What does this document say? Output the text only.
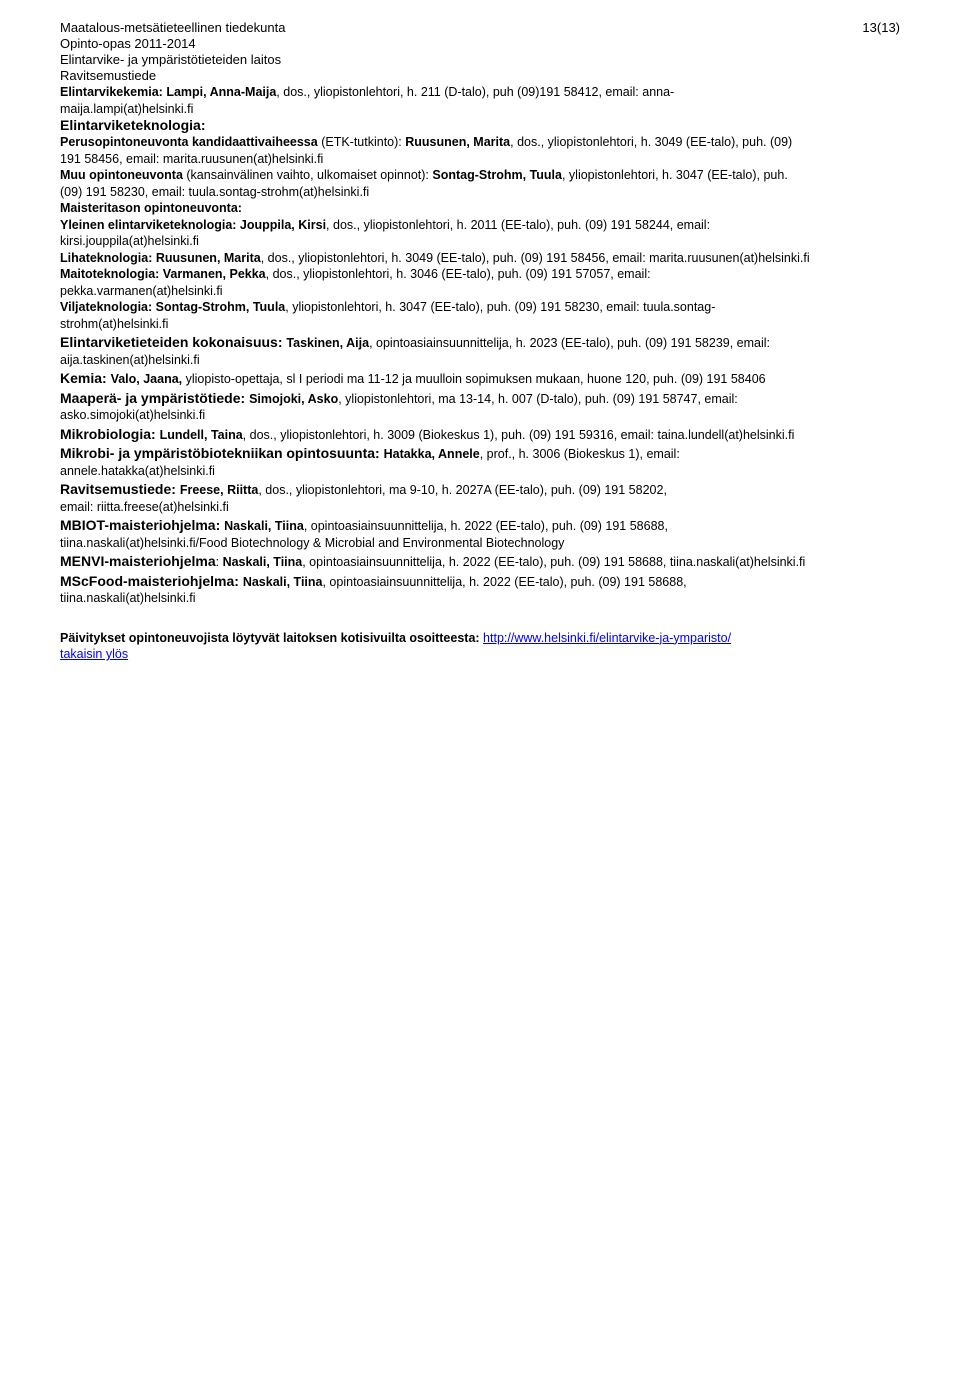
Maatalous-metsätieteellinen tiedekunta
Opinto-opas 2011-2014
Elintarvike- ja ympäristötieteiden laitos
Ravitsemustiede
13(13)
Elintarvikekemia: Lampi, Anna-Maija, dos., yliopistonlehtori, h. 211 (D-talo), puh (09)191 58412, email: anna-
maija.lampi(at)helsinki.fi
Elintarviketeknologia:
Perusopintoneuvonta kandidaattivaiheessa (ETK-tutkinto): Ruusunen, Marita, dos., yliopistonlehtori, h. 3049 (EE-talo), puh. (09)
191 58456, email: marita.ruusunen(at)helsinki.fi
Muu opintoneuvonta (kansainvälinen vaihto, ulkomaiset opinnot): Sontag-Strohm, Tuula, yliopistonlehtori, h. 3047 (EE-talo), puh.
(09) 191 58230, email: tuula.sontag-strohm(at)helsinki.fi
Maisteritason opintoneuvonta:
Yleinen elintarviketeknologia: Jouppila, Kirsi, dos., yliopistonlehtori, h. 2011 (EE-talo), puh. (09) 191 58244, email:
kirsi.jouppila(at)helsinki.fi
Lihateknologia: Ruusunen, Marita, dos., yliopistonlehtori, h. 3049 (EE-talo), puh. (09) 191 58456, email: marita.ruusunen(at)helsinki.fi
Maitoteknologia: Varmanen, Pekka, dos., yliopistonlehtori, h. 3046 (EE-talo), puh. (09) 191 57057, email:
pekka.varmanen(at)helsinki.fi
Viljateknologia: Sontag-Strohm, Tuula, yliopistonlehtori, h. 3047 (EE-talo), puh. (09) 191 58230, email: tuula.sontag-
strohm(at)helsinki.fi
Elintarviketieteiden kokonaisuus: Taskinen, Aija, opintoasiainsuunnittelija, h. 2023 (EE-talo), puh. (09) 191 58239, email:
aija.taskinen(at)helsinki.fi
Kemia: Valo, Jaana, yliopisto-opettaja, sl I periodi ma 11-12 ja muulloin sopimuksen mukaan, huone 120, puh. (09) 191 58406
Maaperä- ja ympäristötiede: Simojoki, Asko, yliopistonlehtori, ma 13-14, h. 007 (D-talo), puh. (09) 191 58747, email:
asko.simojoki(at)helsinki.fi
Mikrobiologia: Lundell, Taina, dos., yliopistonlehtori, h. 3009 (Biokeskus 1), puh. (09) 191 59316, email: taina.lundell(at)helsinki.fi
Mikrobi- ja ympäristöbiotekniikan opintosuunta: Hatakka, Annele, prof., h. 3006 (Biokeskus 1), email:
annele.hatakka(at)helsinki.fi
Ravitsemustiede: Freese, Riitta, dos., yliopistonlehtori, ma 9-10, h. 2027A (EE-talo), puh. (09) 191 58202,
email: riitta.freese(at)helsinki.fi
MBIOT-maisteriohjelma: Naskali, Tiina, opintoasiainsuunnittelija, h. 2022 (EE-talo), puh. (09) 191 58688,
tiina.naskali(at)helsinki.fi/Food Biotechnology & Microbial and Environmental Biotechnology
MENVI-maisteriohjelma: Naskali, Tiina, opintoasiainsuunnittelija, h. 2022 (EE-talo), puh. (09) 191 58688, tiina.naskali(at)helsinki.fi
MScFood-maisteriohjelma: Naskali, Tiina, opintoasiainsuunnittelija, h. 2022 (EE-talo), puh. (09) 191 58688,
tiina.naskali(at)helsinki.fi
Päivitykset opintoneuvojista löytyvät laitoksen kotisivuilta osoitteesta: http://www.helsinki.fi/elintarvike-ja-ymparisto/
takaisin ylös
